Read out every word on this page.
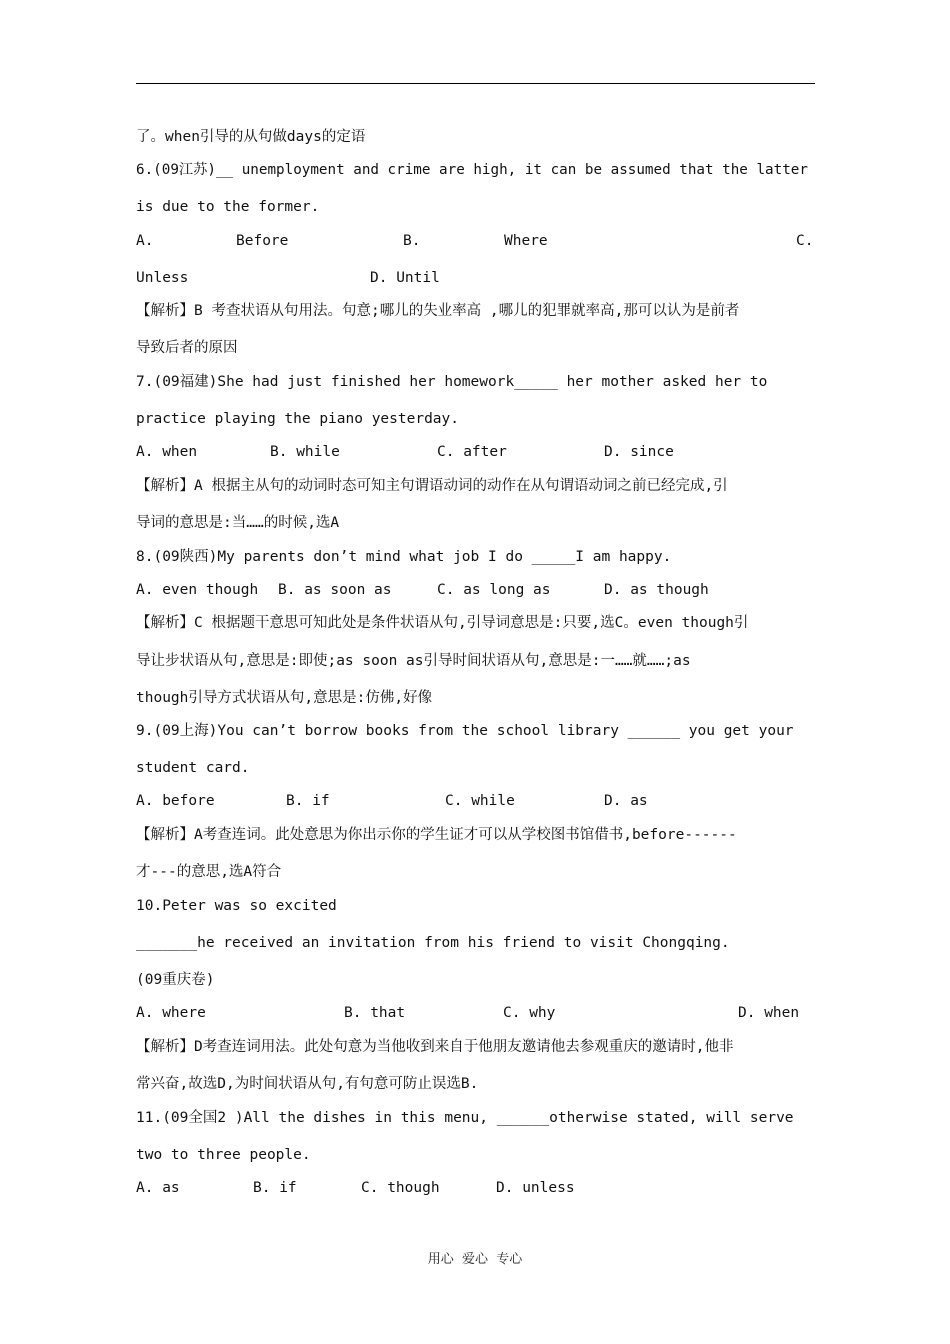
了。when引导的从句做days的定语
6.(09江苏)__ unemployment and crime are high, it can be assumed that the latter
is due to the former.
A.	Before	B.	Where	C.
Unless	D. Until
【解析】B 考查状语从句用法。句意;哪儿的失业率高 ,哪儿的犯罪就率高,那可以认为是前者
导致后者的原因
7.(09福建)She had just finished her homework_____ her mother asked her to
practice playing the piano yesterday.
A. when	B. while	C. after	D. since
【解析】A 根据主从句的动词时态可知主句谓语动词的动作在从句谓语动词之前已经完成,引
导词的意思是:当……的时候,选A
8.(09陕西)My parents don’t mind what job I do _____I am happy.
A. even though B. as soon as	C. as long as	D. as though
【解析】C 根据题干意思可知此处是条件状语从句,引导词意思是:只要,选C。even though引
导让步状语从句,意思是:即使;as soon as引导时间状语从句,意思是:一……就……;as
though引导方式状语从句,意思是:仿佛,好像
9.(09上海)You can’t borrow books from the school library ______ you get your
student card.
A. before	B. if	C. while	D. as
【解析】A考查连词。此处意思为你出示你的学生证才可以从学校图书馆借书,before------
才---的意思,选A符合
10.Peter was so excited
_______he received an invitation from his friend to visit Chongqing.
(09重庆卷)
A. where	B. that	C. why	D. when
【解析】D考查连词用法。此处句意为当他收到来自于他朋友邀请他去参观重庆的邀请时,他非
常兴奋,故选D,为时间状语从句,有句意可防止误选B.
11.(09全国2 )All the dishes in this menu, ______otherwise stated, will serve
two to three people.
A. as	B. if	C. though	D. unless
用心  爱心  专心
